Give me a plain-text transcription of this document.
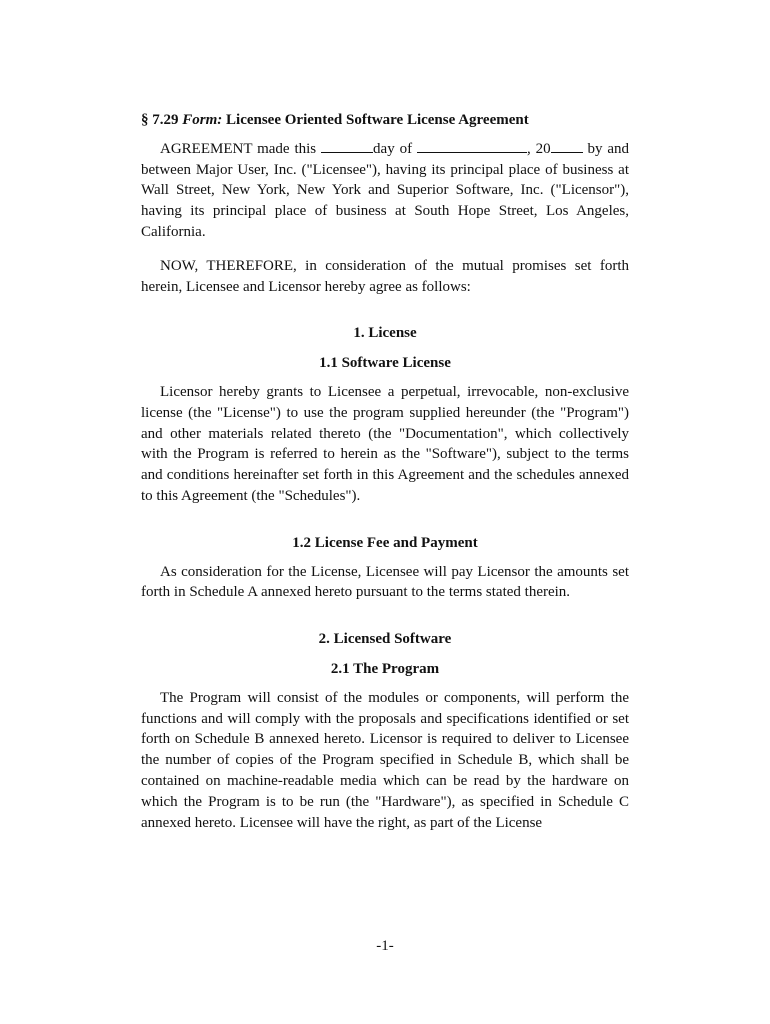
§ 7.29 Form: Licensee Oriented Software License Agreement

AGREEMENT made this	day of	, 20 by and between Major User, Inc. ("Licensee"), having its principal place of business at Wall Street, New York, New York and Superior Software, Inc. ("Licensor"), having its principal place of business at South Hope Street, Los Angeles, California.

NOW, THEREFORE, in consideration of the mutual promises set forth herein, Licensee and Licensor hereby agree as follows:

1. License
1.1 Software License

Licensor hereby grants to Licensee a perpetual, irrevocable, non-exclusive license (the "License") to use the program supplied hereunder (the "Program") and other materials related thereto (the "Documentation", which collectively with the Program is referred to herein as the "Software"), subject to the terms and conditions hereinafter set forth in this Agreement and the schedules annexed to this Agreement (the "Schedules").

1.2 License Fee and Payment

As consideration for the License, Licensee will pay Licensor the amounts set forth in Schedule A annexed hereto pursuant to the terms stated therein.

2. Licensed Software
2.1 The Program

The Program will consist of the modules or components, will perform the functions and will comply with the proposals and specifications identified or set forth on Schedule B annexed hereto. Licensor is required to deliver to Licensee the number of copies of the Program specified in Schedule B, which shall be contained on machine-readable media which can be read by the hardware on which the Program is to be run (the "Hardware"), as specified in Schedule C annexed hereto. Licensee will have the right, as part of the License

-1-
